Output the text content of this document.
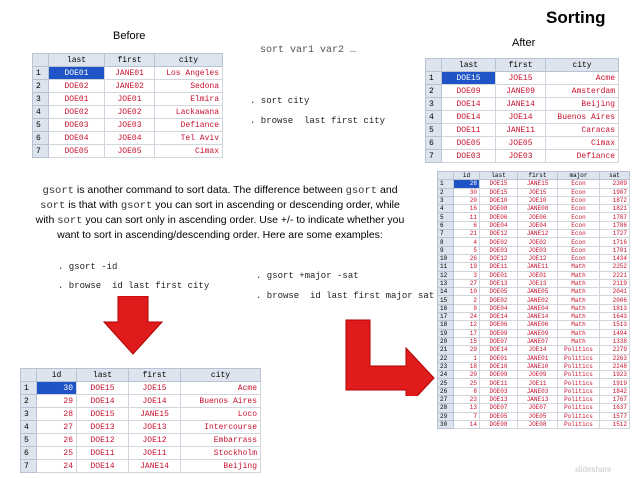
Sorting
Before
After
sort var1 var2 …
. sort city
. browse  last first city
gsort is another command to sort data. The difference between gsort and sort is that with gsort you can sort in ascending or descending order, while with sort you can sort only in ascending order. Use +/- to indicate whether you want to sort in ascending/descending order. Here are some examples:
. gsort -id
. browse  id last first city
. gsort +major -sat
. browse  id last first major sat
	last	first	city
1	DOE01	JANE01	Los Angeles
2	DOE02	JANE02	Sedona
3	DOE01	JOE01	Elmira
4	DOE02	JOE02	Lackawana
5	DOE03	JOE03	Defiance
6	DOE04	JOE04	Tel Aviv
7	DOE05	JOE05	Cimax
	last	first	city
1	DOE15	JOE15	Acme
2	DOE09	JANE09	Amsterdam
3	DOE14	JANE14	Beijing
4	DOE14	JOE14	Buenos Aires
5	DOE11	JANE11	Caracas
6	DOE05	JOE05	Cimax
7	DOE03	JOE03	Defiance
	id	last	first	city
1	30	DOE15	JOE15	Acme
2	29	DOE14	JOE14	Buenos Aires
3	28	DOE15	JANE15	Loco
4	27	DOE13	JOE13	Intercourse
5	26	DOE12	JOE12	Embarrass
6	25	DOE11	JOE11	Stockholm
7	24	DOE14	JANE14	Beijing
	id	last	first	major	sat
1	28	DOE15	JANE15	Econ	2309
2	30	DOE15	JOE15	Econ	1907
3	20	DOE10	JOE10	Econ	1872
4	16	DOE08	JANE08	Econ	1821
5	11	DOE06	JOE06	Econ	1787
6	6	DOE04	JOE04	Econ	1786
7	21	DOE12	JANE12	Econ	1727
8	4	DOE02	JOE02	Econ	1716
9	5	DOE03	JOE03	Econ	1701
10	26	DOE12	JOE12	Econ	1434
11	19	DOE11	JANE11	Math	2252
12	3	DOE01	JOE01	Math	2221
13	27	DOE13	JOE13	Math	2119
14	10	DOE05	JANE05	Math	2041
15	2	DOE02	JANE02	Math	2006
16	9	DOE04	JANE04	Math	1813
17	24	DOE14	JANE14	Math	1643
18	12	DOE06	JANE06	Math	1513
19	17	DOE09	JANE09	Math	1494
20	15	DOE07	JANE07	Math	1338
21	29	DOE14	JOE14	Politics	2279
22	1	DOE01	JANE01	Politics	2263
23	18	DOE10	JANE10	Politics	2248
24	20	DOE09	JOE09	Politics	1923
25	25	DOE11	JOE11	Politics	1919
26	8	DOE03	JANE03	Politics	1842
27	23	DOE13	JANE13	Politics	1767
28	13	DOE07	JOE07	Politics	1637
29	7	DOE05	JOE05	Politics	1577
30	14	DOE08	JOE08	Politics	1512
slideshare
